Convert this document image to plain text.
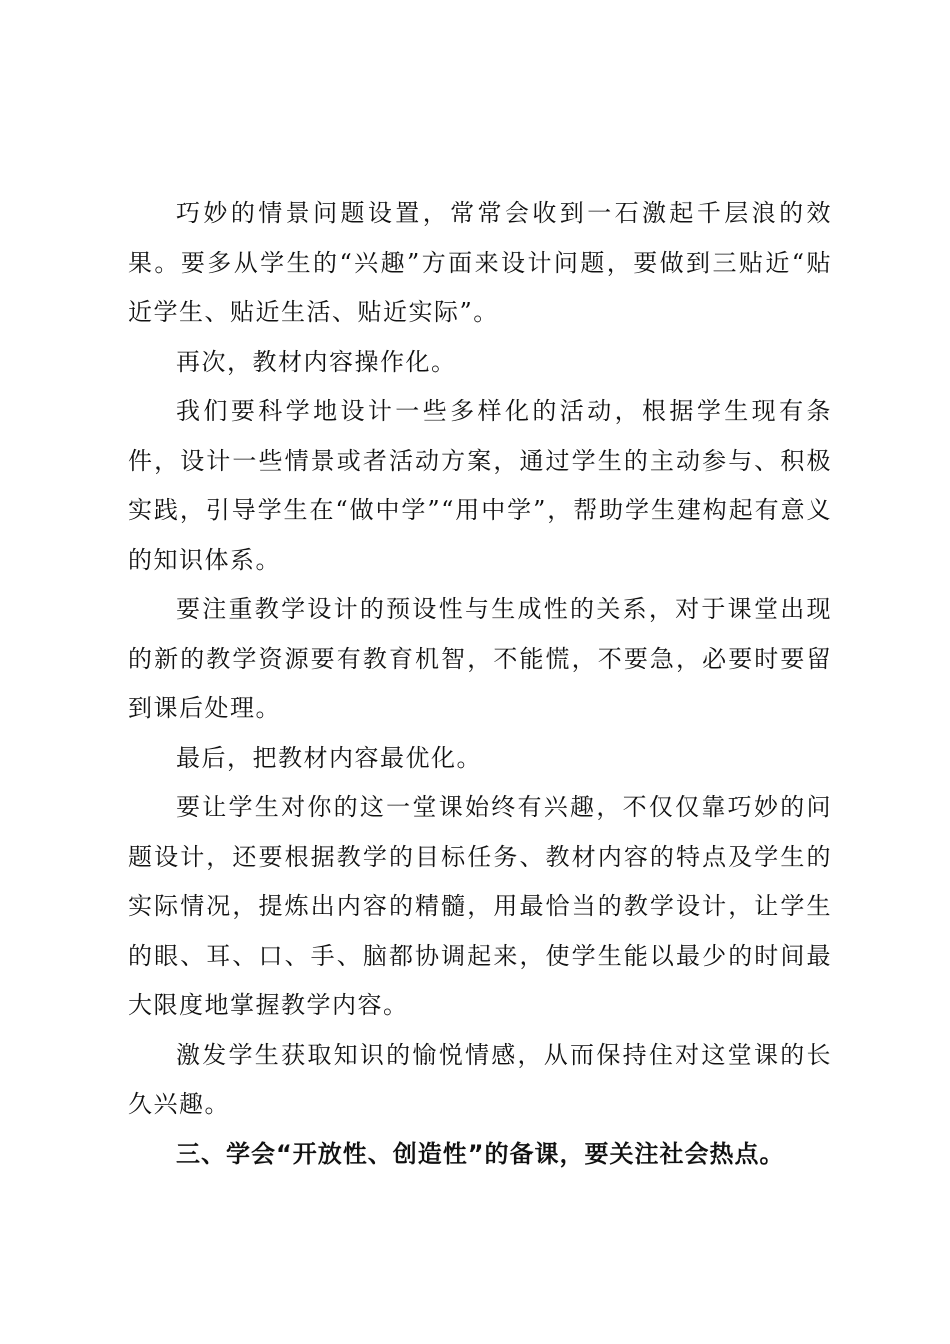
巧妙的情景问题设置，常常会收到一石激起千层浪的效果。要多从学生的“兴趣”方面来设计问题，要做到三贴近“贴近学生、贴近生活、贴近实际”。

再次，教材内容操作化。

我们要科学地设计一些多样化的活动，根据学生现有条件，设计一些情景或者活动方案，通过学生的主动参与、积极实践，引导学生在“做中学”“用中学”，帮助学生建构起有意义的知识体系。

要注重教学设计的预设性与生成性的关系，对于课堂出现的新的教学资源要有教育机智，不能慌，不要急，必要时要留到课后处理。

最后，把教材内容最优化。

要让学生对你的这一堂课始终有兴趣，不仅仅靠巧妙的问题设计，还要根据教学的目标任务、教材内容的特点及学生的实际情况，提炼出内容的精髓，用最恰当的教学设计，让学生的眼、耳、口、手、脑都协调起来，使学生能以最少的时间最大限度地掌握教学内容。

激发学生获取知识的愉悦情感，从而保持住对这堂课的长久兴趣。

三、学会“开放性、创造性”的备课，要关注社会热点。
